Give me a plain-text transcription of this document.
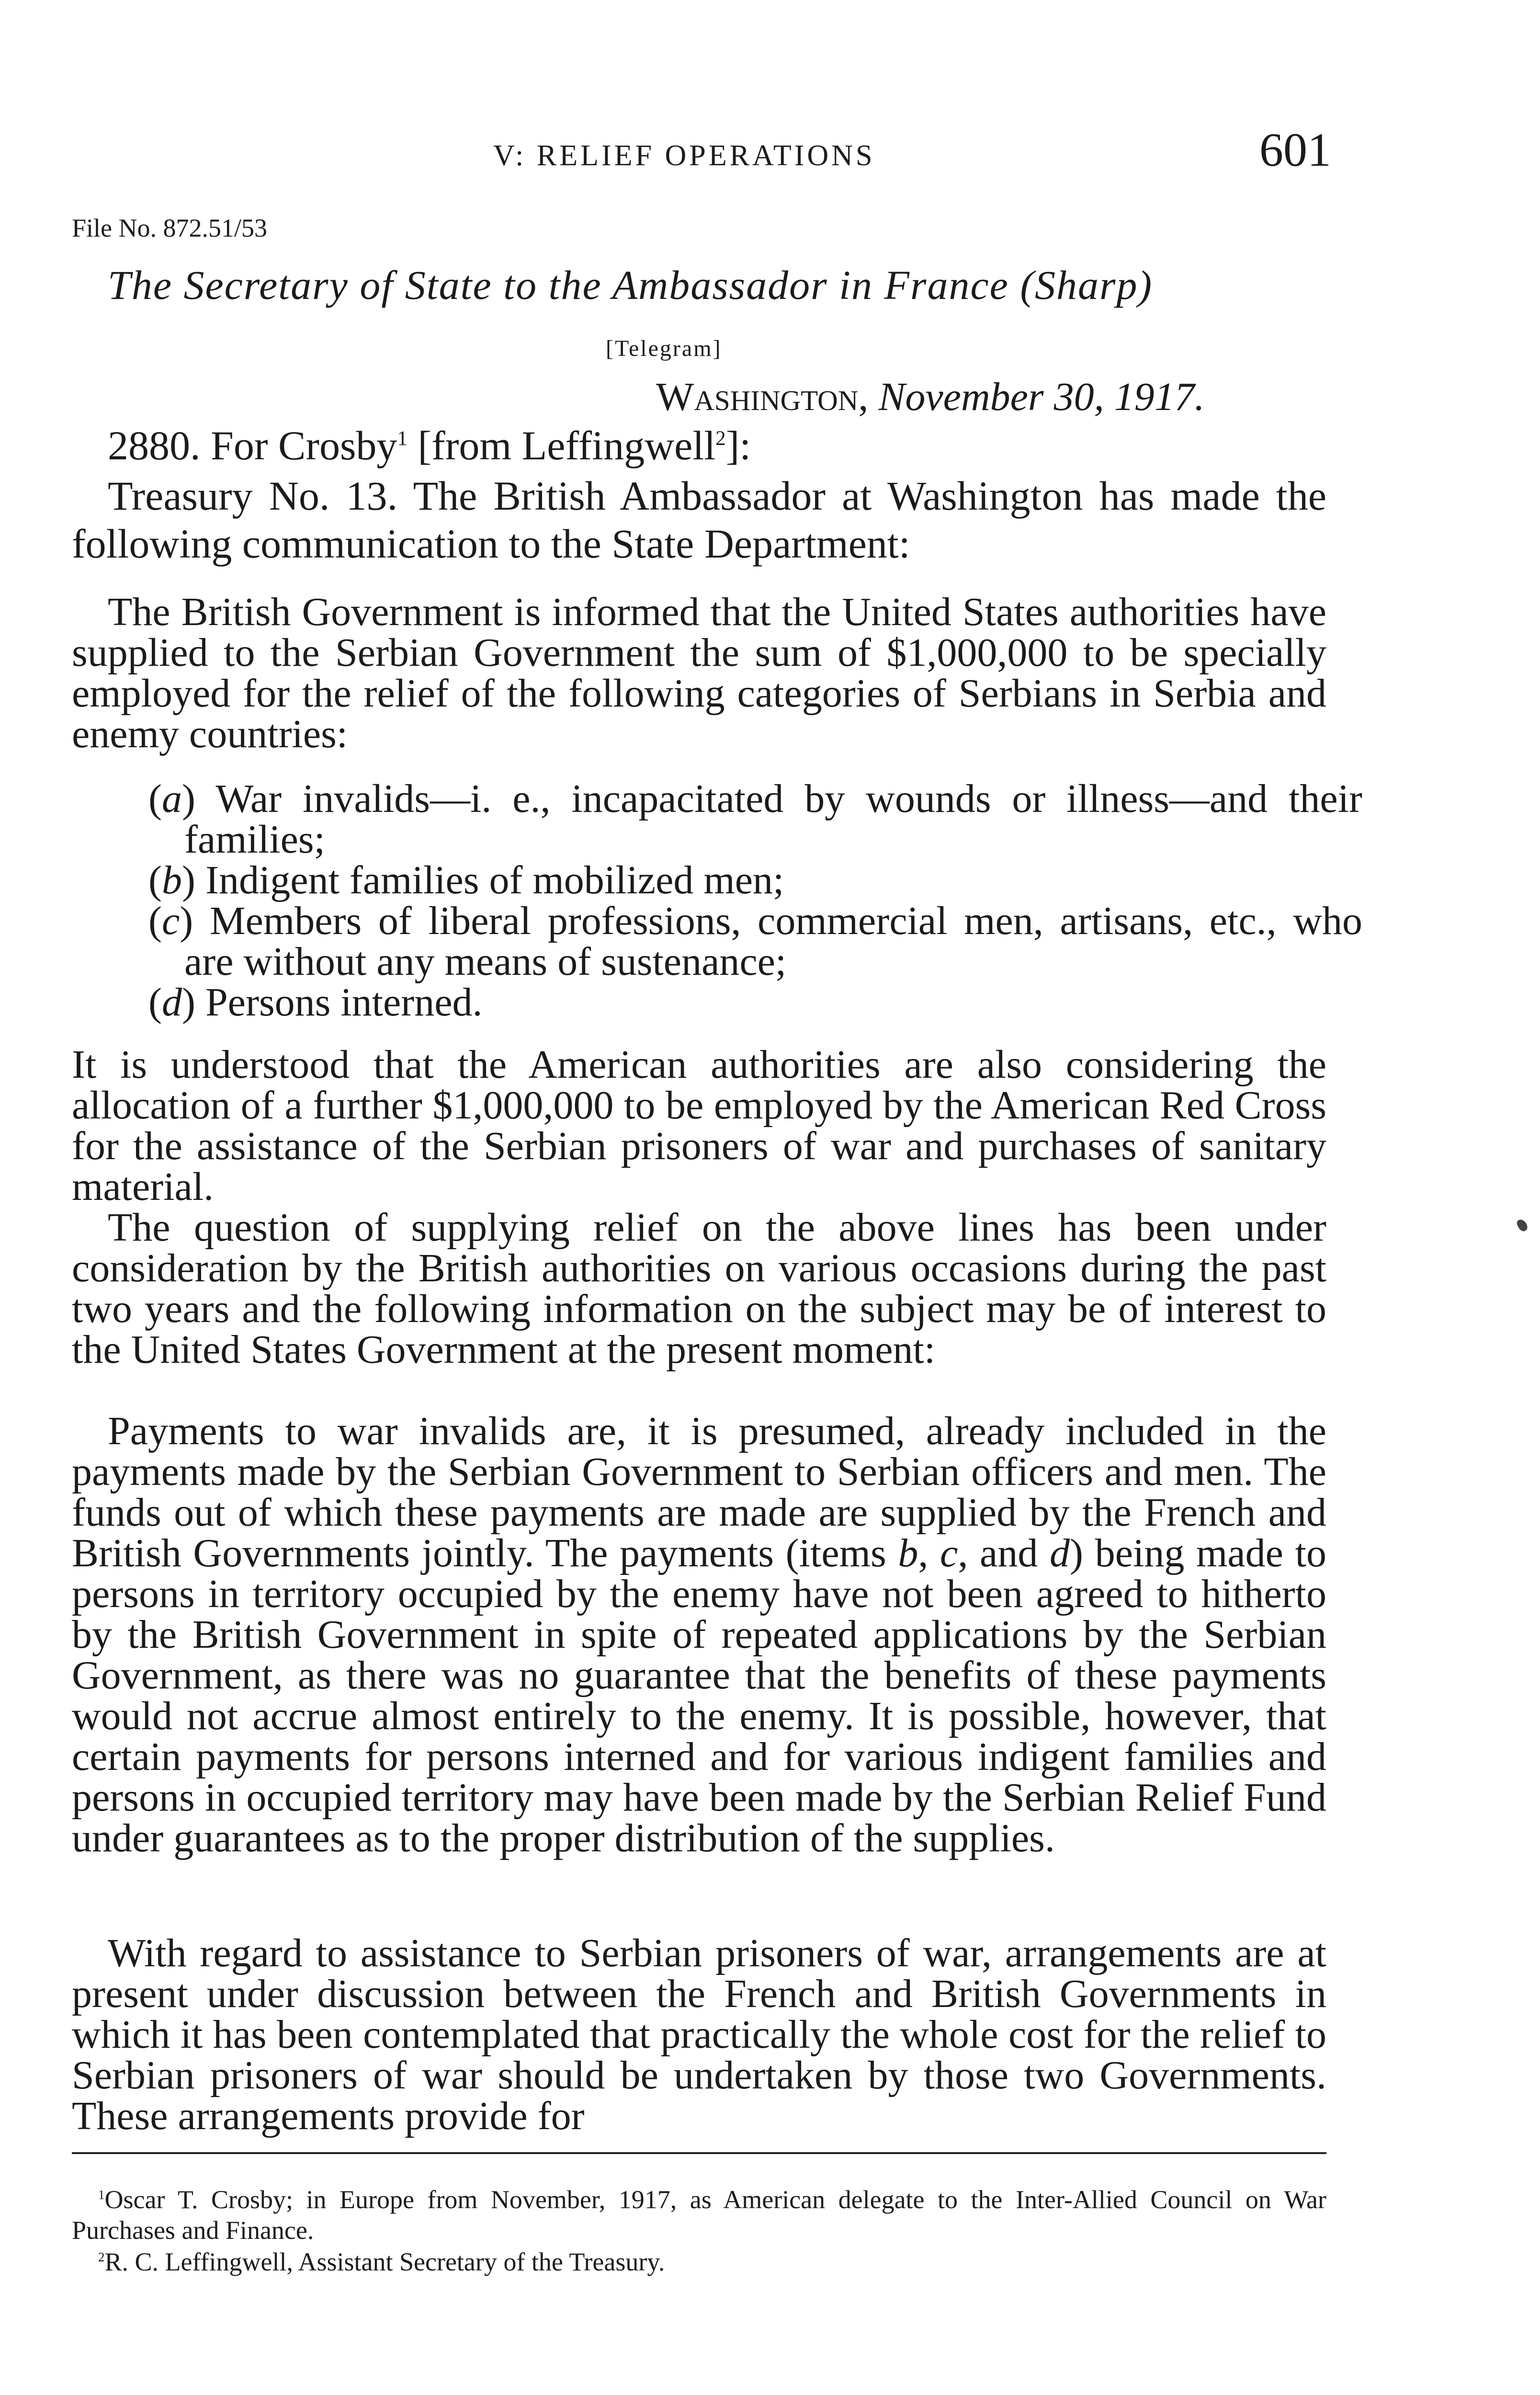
V: RELIEF OPERATIONS	601
File No. 872.51/53
The Secretary of State to the Ambassador in France (Sharp)
[Telegram]
Washington, November 30, 1917.
2880. For Crosby$^1$ [from Leffingwell$^2$]:
Treasury No. 13. The British Ambassador at Washington has made the following communication to the State Department:
The British Government is informed that the United States authorities have supplied to the Serbian Government the sum of $1,000,000 to be specially employed for the relief of the following categories of Serbians in Serbia and enemy countries:
(a) War invalids—i. e., incapacitated by wounds or illness—and their families;
(b) Indigent families of mobilized men;
(c) Members of liberal professions, commercial men, artisans, etc., who are without any means of sustenance;
(d) Persons interned.
It is understood that the American authorities are also considering the allocation of a further $1,000,000 to be employed by the American Red Cross for the assistance of the Serbian prisoners of war and purchases of sanitary material.
The question of supplying relief on the above lines has been under consideration by the British authorities on various occasions during the past two years and the following information on the subject may be of interest to the United States Government at the present moment:
Payments to war invalids are, it is presumed, already included in the payments made by the Serbian Government to Serbian officers and men. The funds out of which these payments are made are supplied by the French and British Governments jointly. The payments (items b, c, and d) being made to persons in territory occupied by the enemy have not been agreed to hitherto by the British Government in spite of repeated applications by the Serbian Government, as there was no guarantee that the benefits of these payments would not accrue almost entirely to the enemy. It is possible, however, that certain payments for persons interned and for various indigent families and persons in occupied territory may have been made by the Serbian Relief Fund under guarantees as to the proper distribution of the supplies.
With regard to assistance to Serbian prisoners of war, arrangements are at present under discussion between the French and British Governments in which it has been contemplated that practically the whole cost for the relief to Serbian prisoners of war should be undertaken by those two Governments. These arrangements provide for
$^1$Oscar T. Crosby; in Europe from November, 1917, as American delegate to the Inter-Allied Council on War Purchases and Finance.
$^2$R. C. Leffingwell, Assistant Secretary of the Treasury.
